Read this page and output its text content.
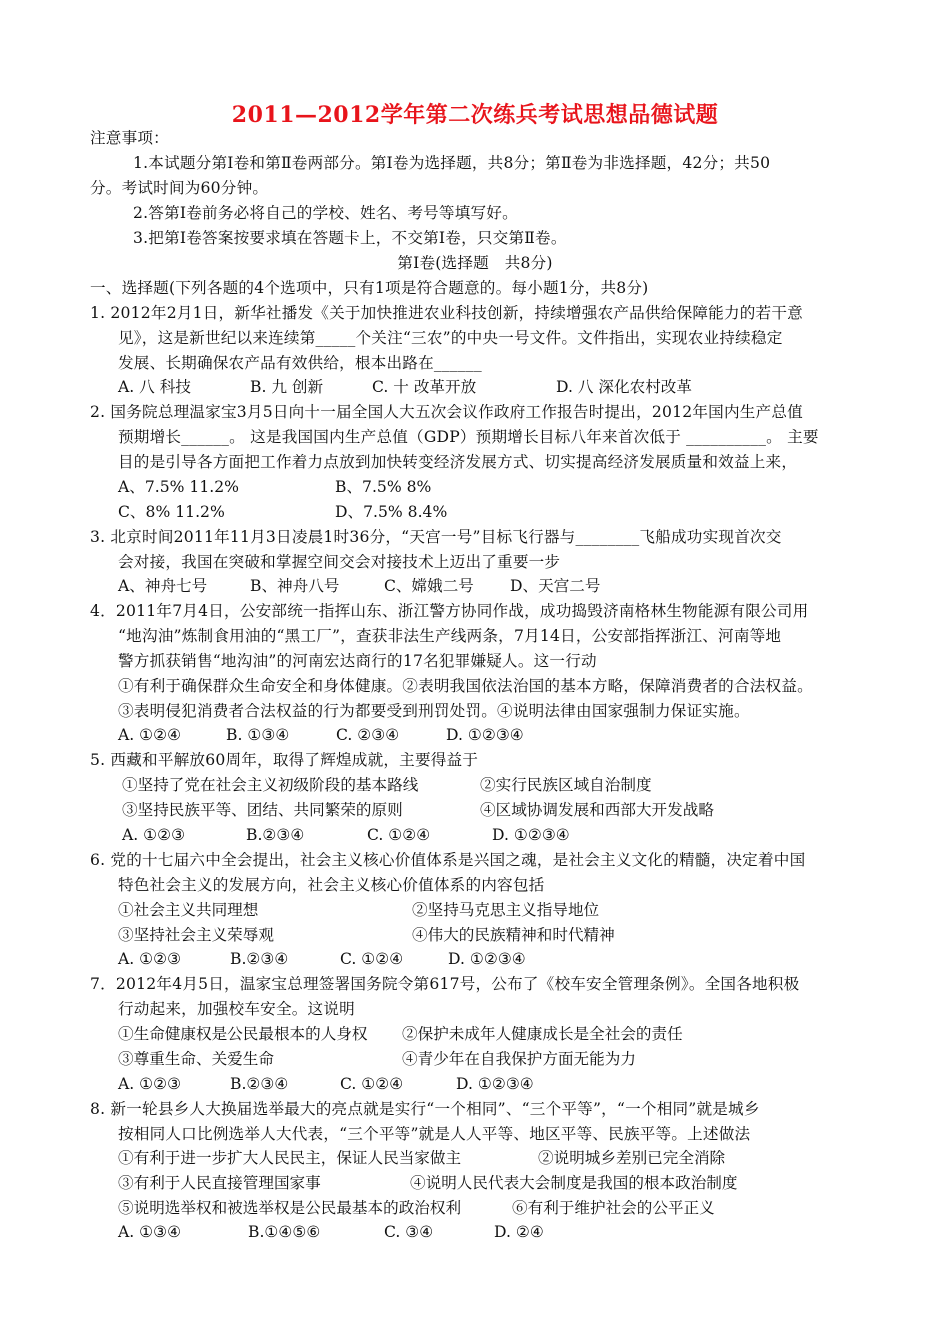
2011—2012学年第二次练兵考试思想品德试题
注意事项：
1.本试题分第Ⅰ卷和第Ⅱ卷两部分。第Ⅰ卷为选择题，共8分；第Ⅱ卷为非选择题，42分；共50
分。考试时间为60分钟。
2.答第Ⅰ卷前务必将自己的学校、姓名、考号等填写好。
3.把第Ⅰ卷答案按要求填在答题卡上，不交第Ⅰ卷，只交第Ⅱ卷。
第Ⅰ卷(选择题　共8分)
一、选择题(下列各题的4个选项中，只有1项是符合题意的。每小题1分，共8分)
1. 2012年2月1日，新华社播发《关于加快推进农业科技创新，持续增强农产品供给保障能力的若干意
见》，这是新世纪以来连续第_____个关注“三农”的中央一号文件。文件指出，实现农业持续稳定
发展、长期确保农产品有效供给，根本出路在______
A. 八 科技	B. 九 创新	C. 十 改革开放	D. 八 深化农村改革
2. 国务院总理温家宝3月5日向十一届全国人大五次会议作政府工作报告时提出，2012年国内生产总值
预期增长______。 这是我国国内生产总值（GDP）预期增长目标八年来首次低于 __________。 主要
目的是引导各方面把工作着力点放到加快转变经济发展方式、切实提高经济发展质量和效益上来，
A、7.5% 11.2%	B、7.5% 8%
C、8% 11.2%	D、7.5% 8.4%
3. 北京时间2011年11月3日凌晨1时36分，“天宫一号”目标飞行器与________飞船成功实现首次交
会对接，我国在突破和掌握空间交会对接技术上迈出了重要一步
A、神舟七号	B、神舟八号	C、嫦娥二号 D、天宫二号
4．2011年7月4日，公安部统一指挥山东、浙江警方协同作战，成功捣毁济南格林生物能源有限公司用
“地沟油”炼制食用油的“黑工厂”，查获非法生产线两条，7月14日，公安部指挥浙江、河南等地
警方抓获销售“地沟油”的河南宏达商行的17名犯罪嫌疑人。这一行动
①有利于确保群众生命安全和身体健康。②表明我国依法治国的基本方略，保障消费者的合法权益。
③表明侵犯消费者合法权益的行为都要受到刑罚处罚。④说明法律由国家强制力保证实施。
A. ①②④	B. ①③④	C. ②③④	D. ①②③④
5. 西藏和平解放60周年，取得了辉煌成就，主要得益于
①坚持了党在社会主义初级阶段的基本路线	②实行民族区域自治制度
③坚持民族平等、团结、共同繁荣的原则	④区域协调发展和西部大开发战略
A. ①②③	B.②③④	C. ①②④	D. ①②③④
6. 党的十七届六中全会提出，社会主义核心价值体系是兴国之魂，是社会主义文化的精髓，决定着中国
特色社会主义的发展方向，社会主义核心价值体系的内容包括
①社会主义共同理想	②坚持马克思主义指导地位
③坚持社会主义荣辱观	④伟大的民族精神和时代精神
A. ①②③	B.②③④	C. ①②④	D. ①②③④
7．2012年4月5日，温家宝总理签署国务院令第617号，公布了《校车安全管理条例》。全国各地积极
行动起来，加强校车安全。这说明
①生命健康权是公民最根本的人身权 ②保护未成年人健康成长是全社会的责任
③尊重生命、关爱生命	④青少年在自我保护方面无能为力
A. ①②③	B.②③④	C. ①②④	D. ①②③④
8. 新一轮县乡人大换届选举最大的亮点就是实行“一个相同”、“三个平等”，“一个相同”就是城乡
按相同人口比例选举人大代表，“三个平等”就是人人平等、地区平等、民族平等。上述做法
①有利于进一步扩大人民民主，保证人民当家做主	②说明城乡差别已完全消除
③有利于人民直接管理国家事	④说明人民代表大会制度是我国的根本政治制度
⑤说明选举权和被选举权是公民最基本的政治权利	⑥有利于维护社会的公平正义
A. ①③④	B.①④⑤⑥	C. ③④	D. ②④
